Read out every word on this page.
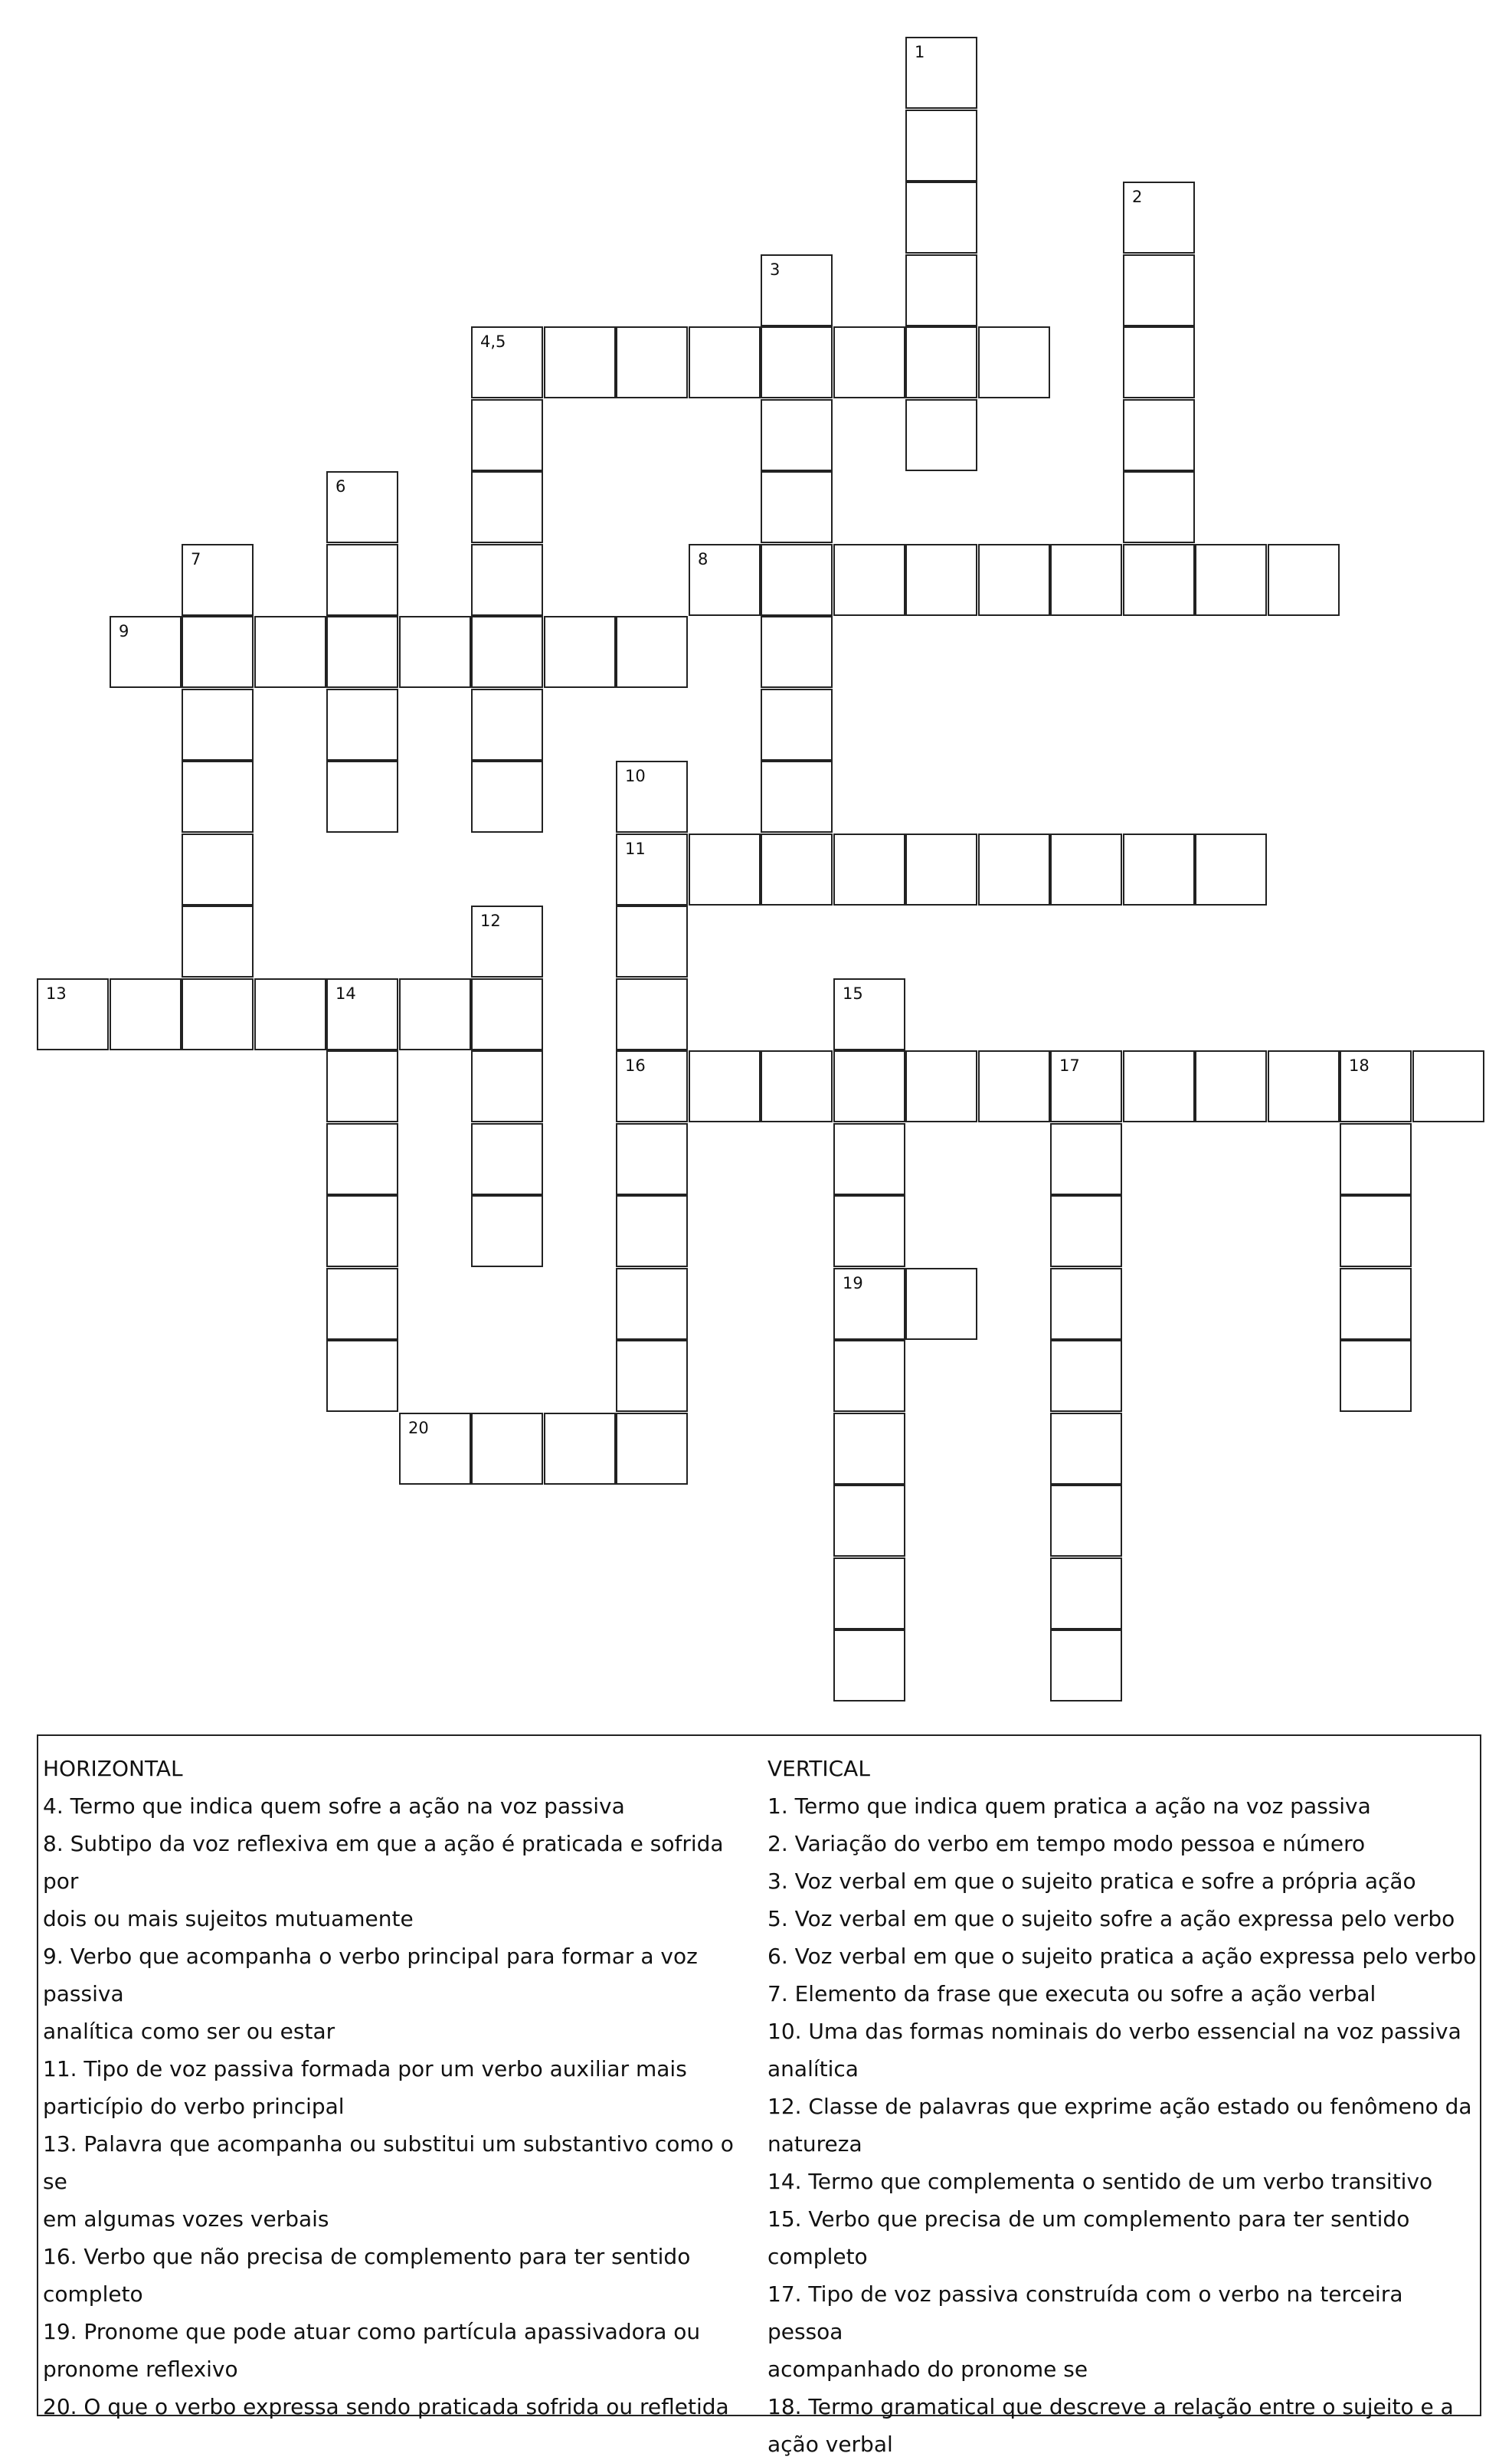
1
2
3
4,5
6
7	8
9
10
11
16
12
13	14	15
19
17	18
20

HORIZONTAL

4. Termo que indica quem sofre a ação na voz passiva

8. Subtipo da voz reflexiva em que a ação é praticada e sofrida por

dois ou mais sujeitos mutuamente

9. Verbo que acompanha o verbo principal para formar a voz passiva

analítica como ser ou estar

11. Tipo de voz passiva formada por um verbo auxiliar mais

particípio do verbo principal

13. Palavra que acompanha ou substitui um substantivo como o se

em algumas vozes verbais

16. Verbo que não precisa de complemento para ter sentido

completo

19. Pronome que pode atuar como partícula apassivadora ou

pronome reflexivo

20. O que o verbo expressa sendo praticada sofrida ou refletida

VERTICAL

1. Termo que indica quem pratica a ação na voz passiva

2. Variação do verbo em tempo modo pessoa e número

3. Voz verbal em que o sujeito pratica e sofre a própria ação

5. Voz verbal em que o sujeito sofre a ação expressa pelo verbo

6. Voz verbal em que o sujeito pratica a ação expressa pelo verbo

7. Elemento da frase que executa ou sofre a ação verbal

10. Uma das formas nominais do verbo essencial na voz passiva

analítica

12. Classe de palavras que exprime ação estado ou fenômeno da

natureza

14. Termo que complementa o sentido de um verbo transitivo

15. Verbo que precisa de um complemento para ter sentido completo

17. Tipo de voz passiva construída com o verbo na terceira pessoa

acompanhado do pronome se

18. Termo gramatical que descreve a relação entre o sujeito e a

ação verbal
